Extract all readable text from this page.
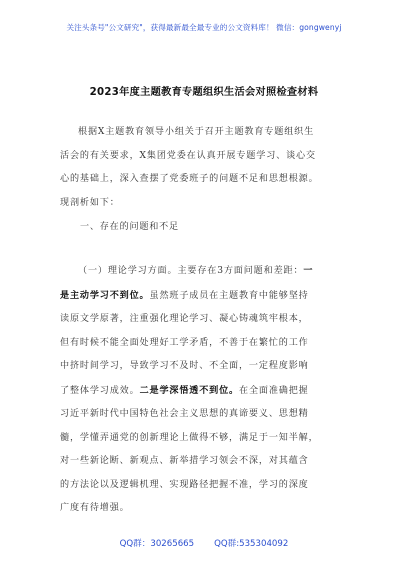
关注头条号"公文研究"，获得最新最全最专业的公文资料库！ 微信：gongwenyj
2023年度主题教育专题组织生活会对照检查材料
根据X主题教育领导小组关于召开主题教育专题组织生
活会的有关要求，X集团党委在认真开展专题学习、谈心交
心的基础上，深入查摆了党委班子的问题不足和思想根源。
现剖析如下：
一、存在的问题和不足
（一）理论学习方面。主要存在3方面问题和差距：一
是主动学习不到位。虽然班子成员在主题教育中能够坚持
读原文学原著，注重强化理论学习、凝心铸魂筑牢根本，
但有时候不能全面处理好工学矛盾，不善于在繁忙的工作
中挤时间学习，导致学习不及时、不全面，一定程度影响
了整体学习成效。二是学深悟透不到位。在全面准确把握
习近平新时代中国特色社会主义思想的真谛要义、思想精
髓，学懂弄通党的创新理论上做得不够，满足于一知半解，
对一些新论断、新观点、新举措学习领会不深，对其蕴含
的方法论以及逻辑机理、实现路径把握不准，学习的深度
广度有待增强。
QQ群：30265665 QQ群:535304092
